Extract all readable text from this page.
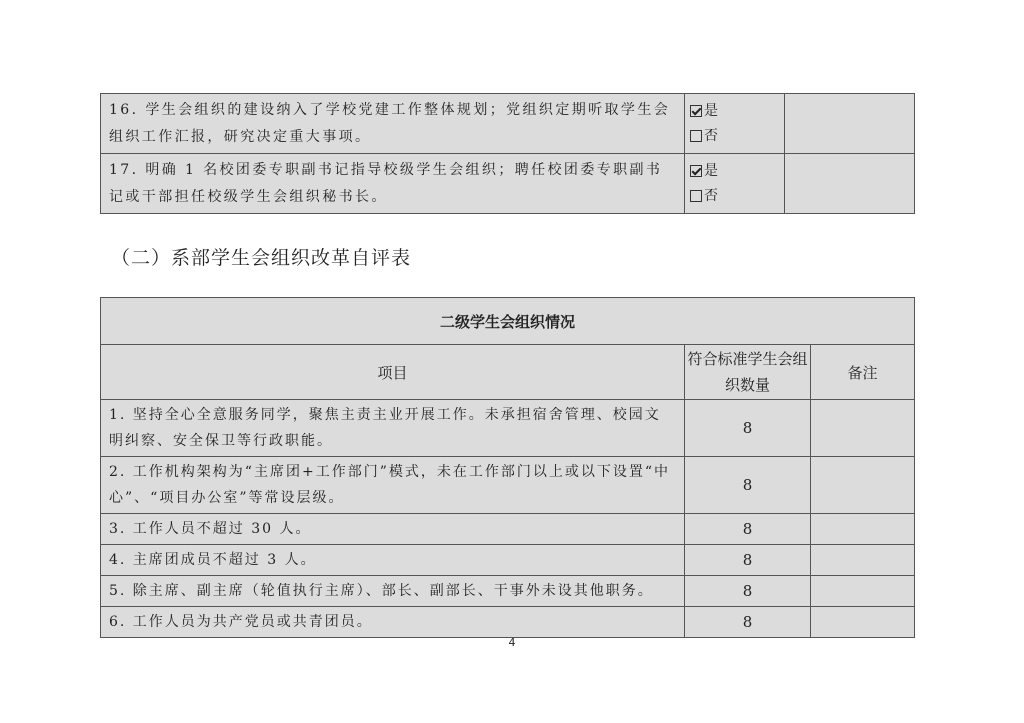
16. 学生会组织的建设纳入了学校党建工作整体规划；党组织定期听取学生会组织工作汇报，研究决定重大事项。	是
否	

17. 明确 1 名校团委专职副书记指导校级学生会组织；聘任校团委专职副书记或干部担任校级学生会组织秘书长。	是
否	

（二）系部学生会组织改革自评表
二级学生会组织情况		
项目	符合标准学生会组织数量	备注
1. 坚持全心全意服务同学，聚焦主责主业开展工作。未承担宿舍管理、校园文明纠察、安全保卫等行政职能。	8	
2. 工作机构架构为“主席团+工作部门”模式，未在工作部门以上或以下设置“中心”、“项目办公室”等常设层级。	8	
3. 工作人员不超过 30 人。	8	
4. 主席团成员不超过 3 人。	8	
5. 除主席、副主席（轮值执行主席）、部长、副部长、干事外未设其他职务。	8	
6. 工作人员为共产党员或共青团员。	8	
4
